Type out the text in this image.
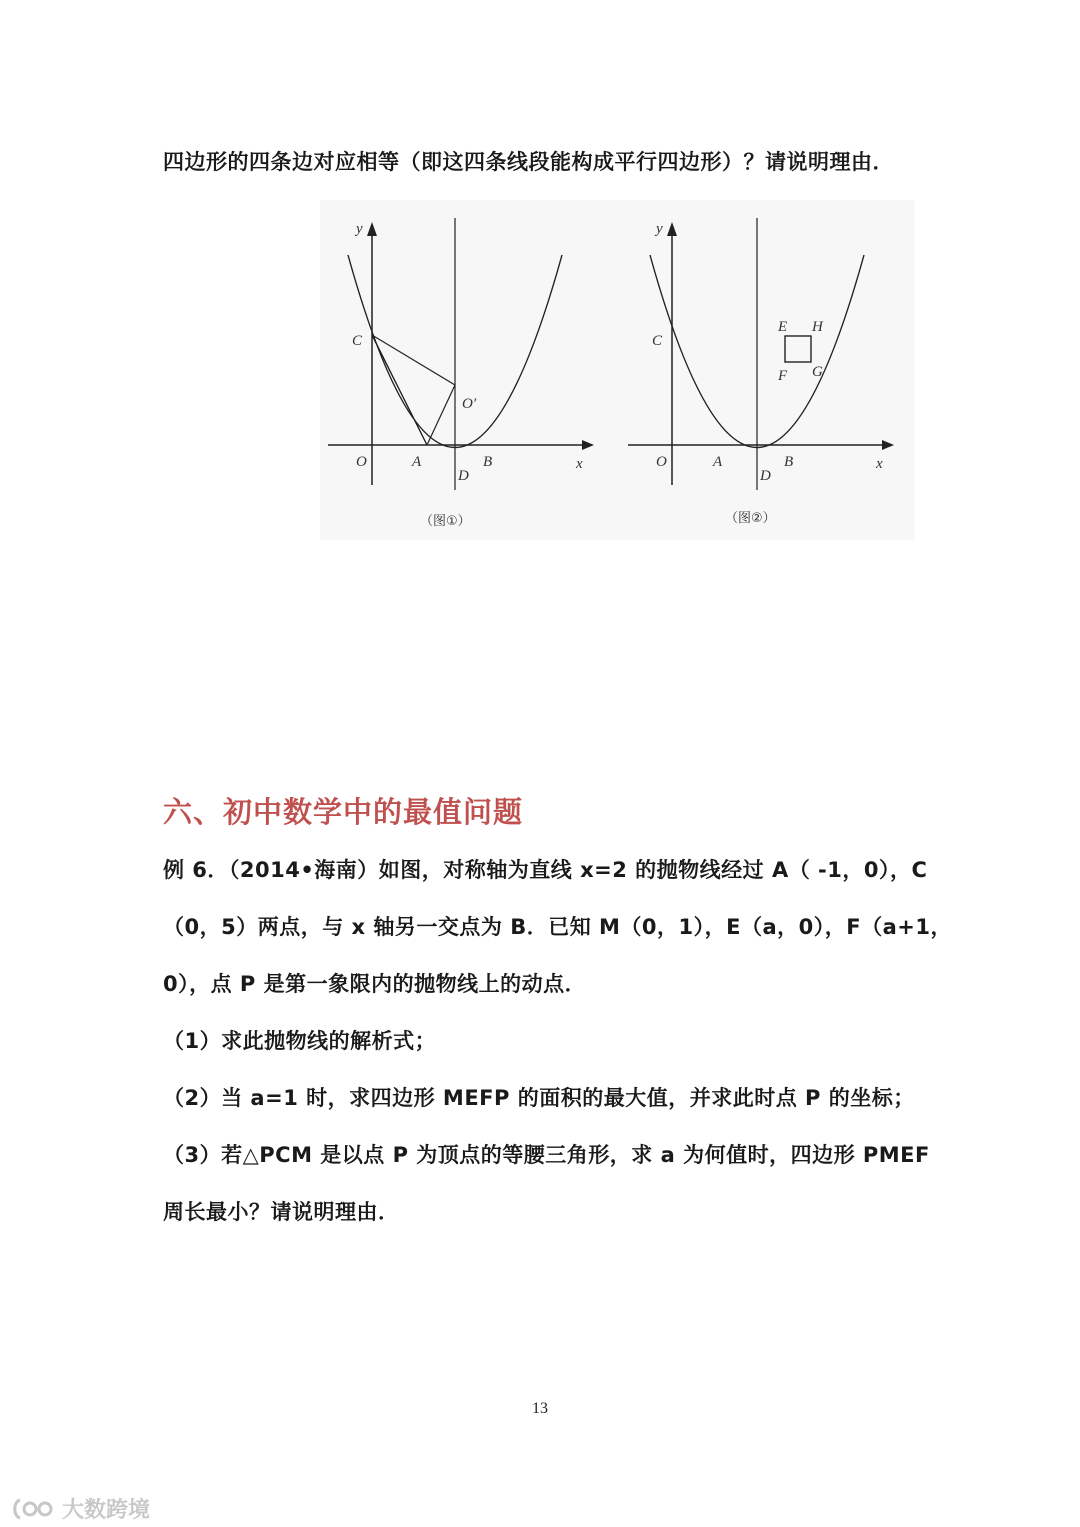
四边形的四条边对应相等（即这四条线段能构成平行四边形）？请说明理由．
y
x
C
O	A
D
B
O′
（图①）
y
x
C
O	A
D
B
E H
F G
（图②）
六、初中数学中的最值问题
例 6．（2014•海南）如图，对称轴为直线 x=2 的抛物线经过 A（ -1，0），C
（0，5）两点，与 x 轴另一交点为 B．已知 M（0，1），E（a，0），F（a+1，
0），点 P 是第一象限内的抛物线上的动点．
（1）求此抛物线的解析式；
（2）当 a=1 时，求四边形 MEFP 的面积的最大值，并求此时点 P 的坐标；
（3）若△PCM 是以点 P 为顶点的等腰三角形，求 a 为何值时，四边形 PMEF
周长最小？请说明理由．
13
大数跨境
